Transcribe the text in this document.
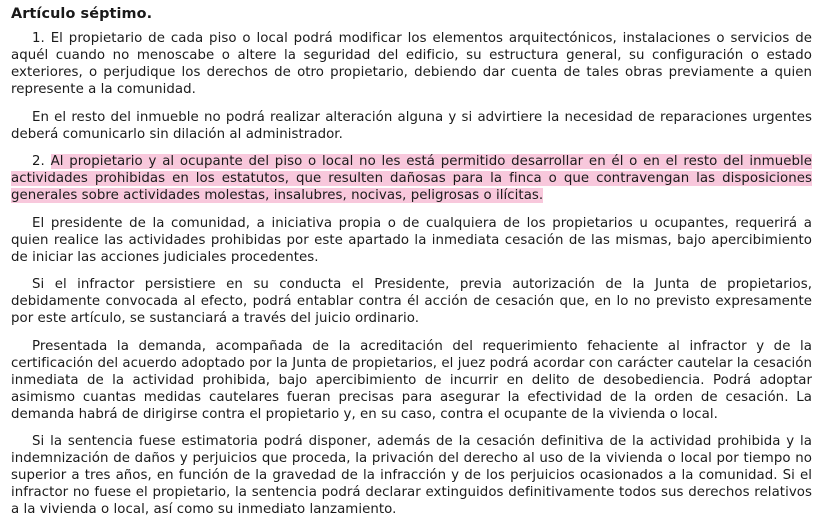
Artículo séptimo.

1. El propietario de cada piso o local podrá modificar los elementos arquitectónicos, instalaciones o servicios de aquél cuando no menoscabe o altere la seguridad del edificio, su estructura general, su configuración o estado exteriores, o perjudique los derechos de otro propietario, debiendo dar cuenta de tales obras previamente a quien represente a la comunidad.

En el resto del inmueble no podrá realizar alteración alguna y si advirtiere la necesidad de reparaciones urgentes deberá comunicarlo sin dilación al administrador.

2. Al propietario y al ocupante del piso o local no les está permitido desarrollar en él o en el resto del inmueble actividades prohibidas en los estatutos, que resulten dañosas para la finca o que contravengan las disposiciones generales sobre actividades molestas, insalubres, nocivas, peligrosas o ilícitas.

El presidente de la comunidad, a iniciativa propia o de cualquiera de los propietarios u ocupantes, requerirá a quien realice las actividades prohibidas por este apartado la inmediata cesación de las mismas, bajo apercibimiento de iniciar las acciones judiciales procedentes.

Si el infractor persistiere en su conducta el Presidente, previa autorización de la Junta de propietarios, debidamente convocada al efecto, podrá entablar contra él acción de cesación que, en lo no previsto expresamente por este artículo, se sustanciará a través del juicio ordinario.

Presentada la demanda, acompañada de la acreditación del requerimiento fehaciente al infractor y de la certificación del acuerdo adoptado por la Junta de propietarios, el juez podrá acordar con carácter cautelar la cesación inmediata de la actividad prohibida, bajo apercibimiento de incurrir en delito de desobediencia. Podrá adoptar asimismo cuantas medidas cautelares fueran precisas para asegurar la efectividad de la orden de cesación. La demanda habrá de dirigirse contra el propietario y, en su caso, contra el ocupante de la vivienda o local.

Si la sentencia fuese estimatoria podrá disponer, además de la cesación definitiva de la actividad prohibida y la indemnización de daños y perjuicios que proceda, la privación del derecho al uso de la vivienda o local por tiempo no superior a tres años, en función de la gravedad de la infracción y de los perjuicios ocasionados a la comunidad. Si el infractor no fuese el propietario, la sentencia podrá declarar extinguidos definitivamente todos sus derechos relativos a la vivienda o local, así como su inmediato lanzamiento.
